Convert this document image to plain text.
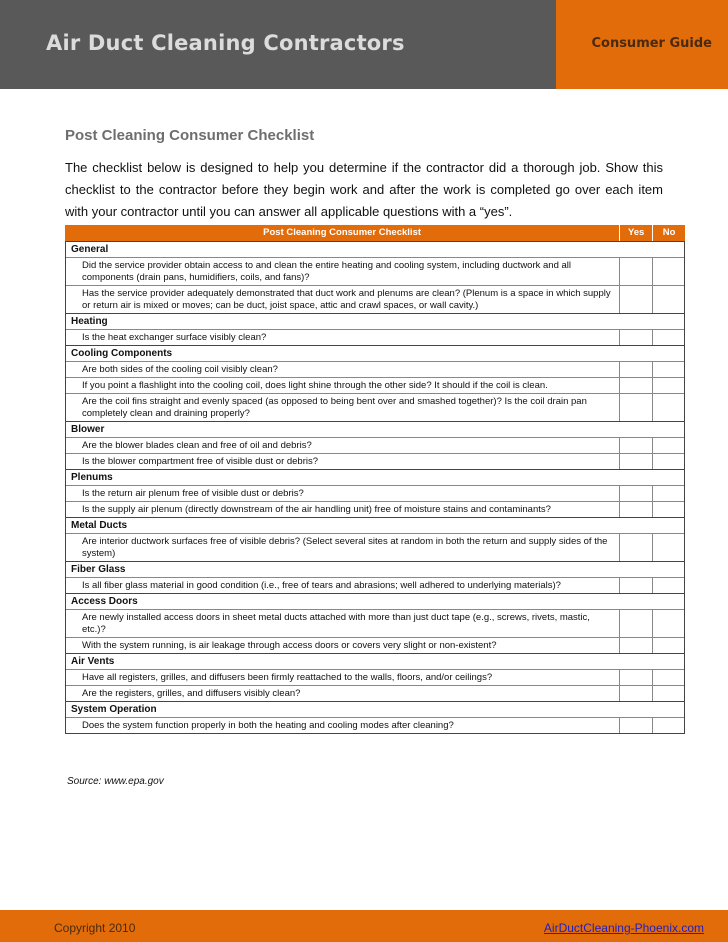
Air Duct Cleaning Contractors	Consumer Guide
Post Cleaning Consumer Checklist
The checklist below is designed to help you determine if the contractor did a thorough job. Show this checklist to the contractor before they begin work and after the work is completed go over each item with your contractor until you can answer all applicable questions with a “yes”.
Post Cleaning Consumer Checklist	Yes	No
General
Did the service provider obtain access to and clean the entire heating and cooling system, including ductwork and all components (drain pans, humidifiers, coils, and fans)?
Has the service provider adequately demonstrated that duct work and plenums are clean? (Plenum is a space in which supply or return air is mixed or moves; can be duct, joist space, attic and crawl spaces, or wall cavity.)
Heating
Is the heat exchanger surface visibly clean?
Cooling Components
Are both sides of the cooling coil visibly clean?
If you point a flashlight into the cooling coil, does light shine through the other side? It should if the coil is clean.
Are the coil fins straight and evenly spaced (as opposed to being bent over and smashed together)? Is the coil drain pan completely clean and draining properly?
Blower
Are the blower blades clean and free of oil and debris?
Is the blower compartment free of visible dust or debris?
Plenums
Is the return air plenum free of visible dust or debris?
Is the supply air plenum (directly downstream of the air handling unit) free of moisture stains and contaminants?
Metal Ducts
Are interior ductwork surfaces free of visible debris? (Select several sites at random in both the return and supply sides of the system)
Fiber Glass
Is all fiber glass material in good condition (i.e., free of tears and abrasions; well adhered to underlying materials)?
Access Doors
Are newly installed access doors in sheet metal ducts attached with more than just duct tape (e.g., screws, rivets, mastic, etc.)?
With the system running, is air leakage through access doors or covers very slight or non-existent?
Air Vents
Have all registers, grilles, and diffusers been firmly reattached to the walls, floors, and/or ceilings?
Are the registers, grilles, and diffusers visibly clean?
System Operation
Does the system function properly in both the heating and cooling modes after cleaning?
Source: www.epa.gov
Copyright 2010	AirDuctCleaning-Phoenix.com
